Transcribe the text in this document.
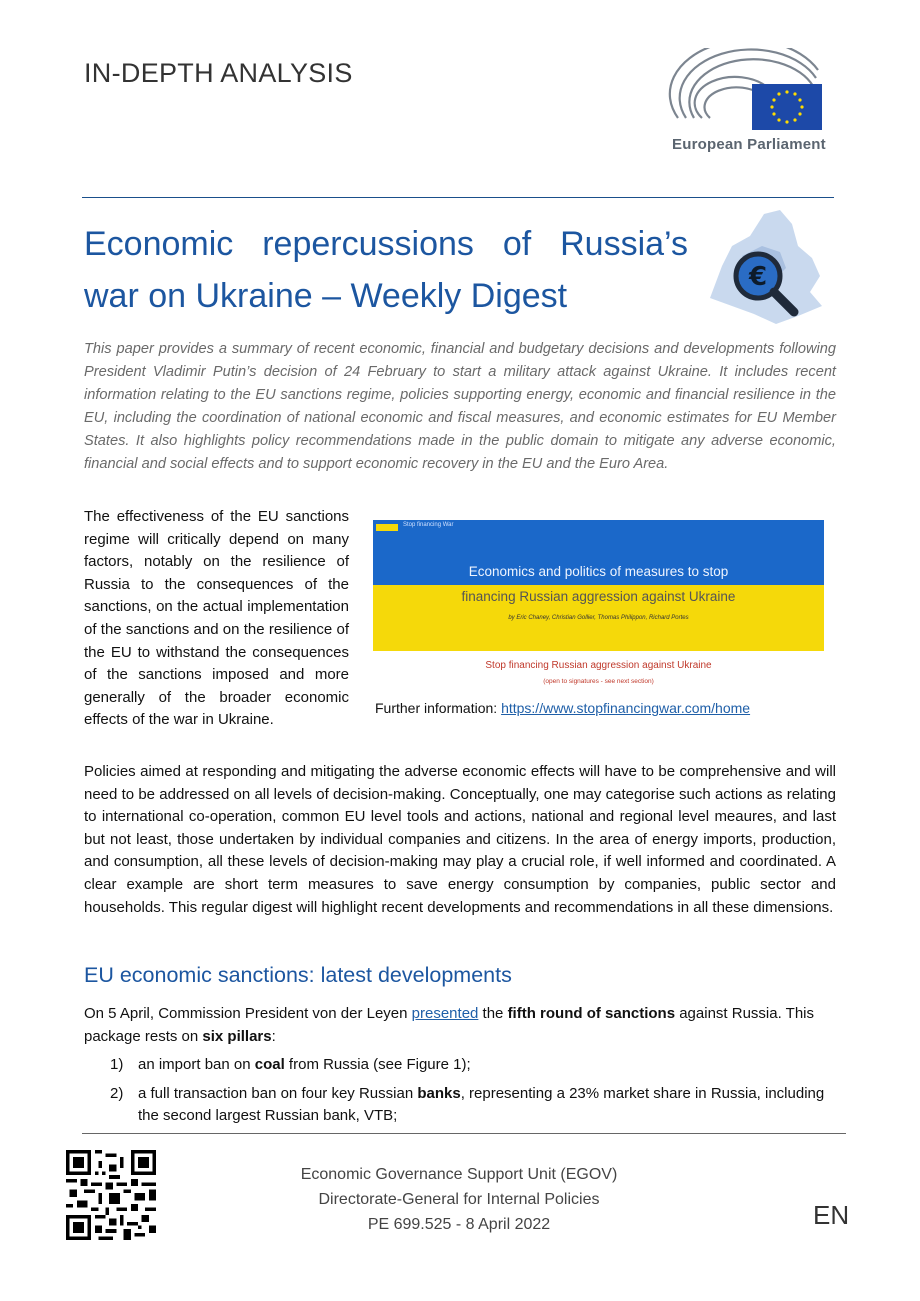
IN-DEPTH ANALYSIS
European Parliament
Economic repercussions of Russia’s war on Ukraine – Weekly Digest	€
This paper provides a summary of recent economic, financial and budgetary decisions and developments following President Vladimir Putin’s decision of 24 February to start a military attack against Ukraine. It includes recent information relating to the EU sanctions regime, policies supporting energy, economic and financial resilience in the EU, including the coordination of national economic and fiscal measures, and economic estimates for EU Member States. It also highlights policy recommendations made in the public domain to mitigate any adverse economic, financial and social effects and to support economic recovery in the EU and the Euro Area.
The effectiveness of the EU sanctions regime will critically depend on many factors, notably on the resilience of Russia to the consequences of the sanctions, on the actual implementation of the sanctions and on the resilience of the EU to withstand the consequences of the sanctions imposed and more generally of the broader economic effects of the war in Ukraine.
Stop financing War
Economics and politics of measures to stop
financing Russian aggression against Ukraine
by Eric Chaney, Christian Gollier, Thomas Philippon, Richard Portes
Stop financing Russian aggression against Ukraine
(open to signatures - see next section)
Further information: https://www.stopfinancingwar.com/home
Policies aimed at responding and mitigating the adverse economic effects will have to be comprehensive and will need to be addressed on all levels of decision-making. Conceptually, one may categorise such actions as relating to international co-operation, common EU level tools and actions, national and regional level meaures, and last but not least, those undertaken by individual companies and citizens. In the area of energy imports, production, and consumption, all these levels of decision-making may play a crucial role, if well informed and coordinated. A clear example are short term measures to save energy consumption by companies, public sector and households. This regular digest will highlight recent developments and recommendations in all these dimensions.
EU economic sanctions: latest developments
On 5 April, Commission President von der Leyen presented the fifth round of sanctions against Russia. This package rests on six pillars:
1) an import ban on coal from Russia (see Figure 1);
2) a full transaction ban on four key Russian banks, representing a 23% market share in Russia, including the second largest Russian bank, VTB;
Economic Governance Support Unit (EGOV)
Directorate-General for Internal Policies
PE 699.525 - 8 April 2022	EN
